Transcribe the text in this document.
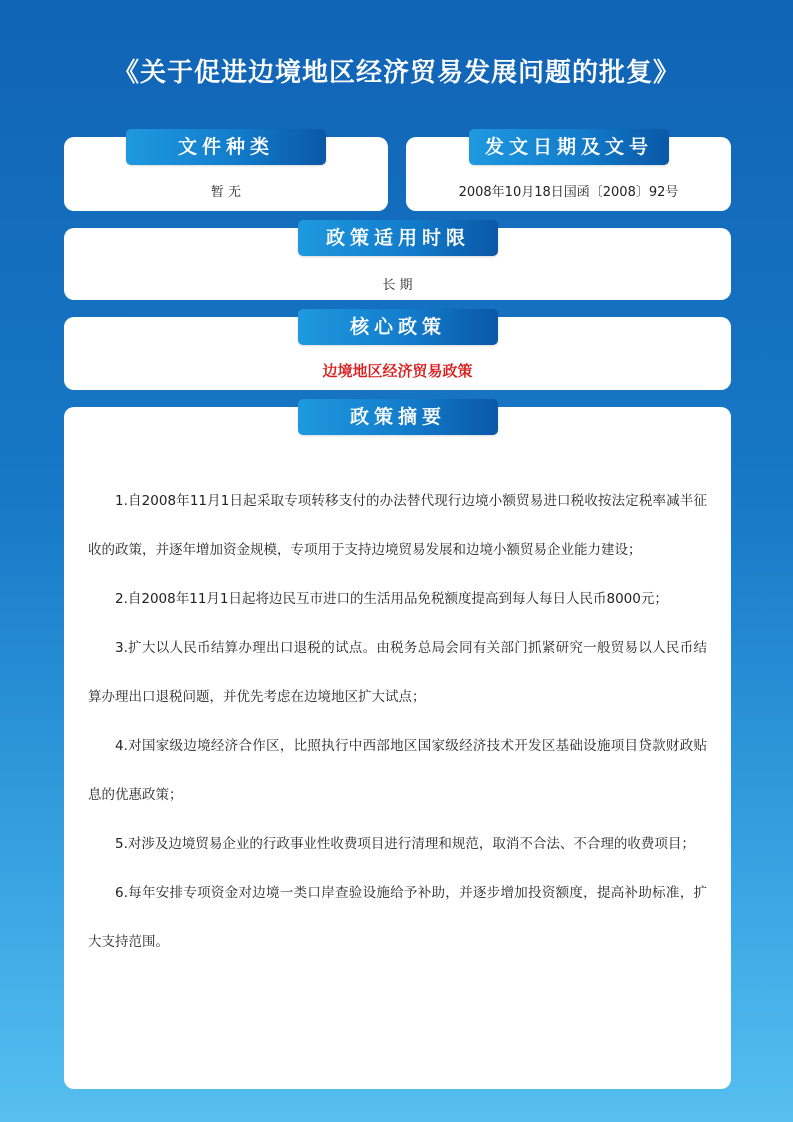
《关于促进边境地区经济贸易发展问题的批复》
文件种类
暂 无
发文日期及文号
2008年10月18日国函〔2008〕92号
政策适用时限
长 期
核心政策
边境地区经济贸易政策
政策摘要

1.自2008年11月1日起采取专项转移支付的办法替代现行边境小额贸易进口税收按法定税率减半征收的政策，并逐年增加资金规模，专项用于支持边境贸易发展和边境小额贸易企业能力建设；

2.自2008年11月1日起将边民互市进口的生活用品免税额度提高到每人每日人民币8000元；

3.扩大以人民币结算办理出口退税的试点。由税务总局会同有关部门抓紧研究一般贸易以人民币结算办理出口退税问题，并优先考虑在边境地区扩大试点；

4.对国家级边境经济合作区，比照执行中西部地区国家级经济技术开发区基础设施项目贷款财政贴息的优惠政策；

5.对涉及边境贸易企业的行政事业性收费项目进行清理和规范，取消不合法、不合理的收费项目；

6.每年安排专项资金对边境一类口岸查验设施给予补助，并逐步增加投资额度，提高补助标准，扩大支持范围。
